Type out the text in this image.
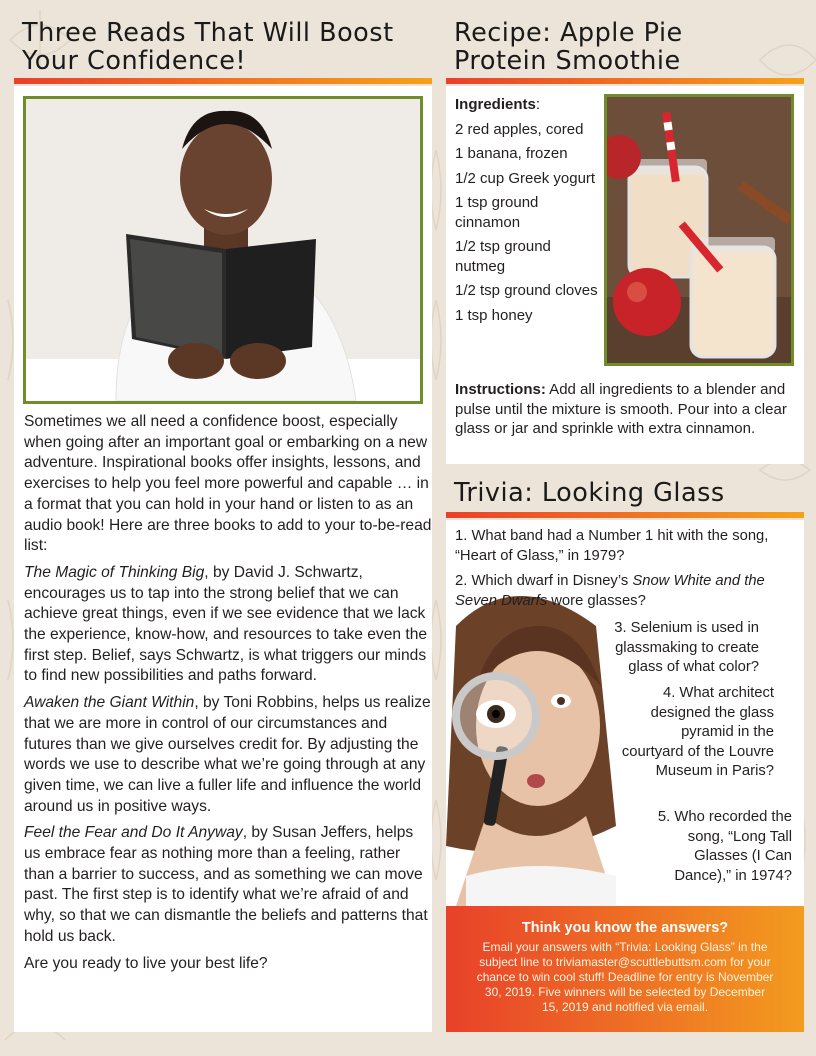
Three Reads That Will Boost
Your Confidence!

Sometimes we all need a confidence boost, especially when going after an important goal or embarking on a new adventure. Inspirational books offer insights, lessons, and exercises to help you feel more powerful and capable … in a format that you can hold in your hand or listen to as an audio book! Here are three books to add to your to-be-read list:

The Magic of Thinking Big, by David J. Schwartz, encourages us to tap into the strong belief that we can achieve great things, even if we see evidence that we lack the experience, know-how, and resources to take even the first step. Belief, says Schwartz, is what triggers our minds to find new possibilities and paths forward.

Awaken the Giant Within, by Toni Robbins, helps us realize that we are more in control of our circumstances and futures than we give ourselves credit for. By adjusting the words we use to describe what we’re going through at any given time, we can live a fuller life and influence the world around us in positive ways.

Feel the Fear and Do It Anyway, by Susan Jeffers, helps us embrace fear as nothing more than a feeling, rather than a barrier to success, and as something we can move past. The first step is to identify what we’re afraid of and why, so that we can dismantle the beliefs and patterns that hold us back.

Are you ready to live your best life?

Recipe: Apple Pie
Protein Smoothie
Ingredients:
2 red apples, cored
1 banana, frozen
1/2 cup Greek yogurt
1 tsp ground cinnamon
1/2 tsp ground nutmeg
1/2 tsp ground cloves
1 tsp honey
Instructions: Add all ingredients to a blender and pulse until the mixture is smooth. Pour into a clear glass or jar and sprinkle with extra cinnamon.
Trivia: Looking Glass
1. What band had a Number 1 hit with the song, “Heart of Glass,” in 1979?
2. Which dwarf in Disney’s Snow White and the Seven Dwarfs wore glasses?
3. Selenium is used in glassmaking to create glass of what color?
4. What architect designed the glass pyramid in the courtyard of the Louvre Museum in Paris?
5. Who recorded the song, “Long Tall Glasses (I Can Dance),” in 1974?
Think you know the answers?
Email your answers with “Trivia: Looking Glass” in the subject line to triviamaster@scuttlebuttsm.com for your chance to win cool stuff! Deadline for entry is November 30, 2019. Five winners will be selected by December 15, 2019 and notified via email.
